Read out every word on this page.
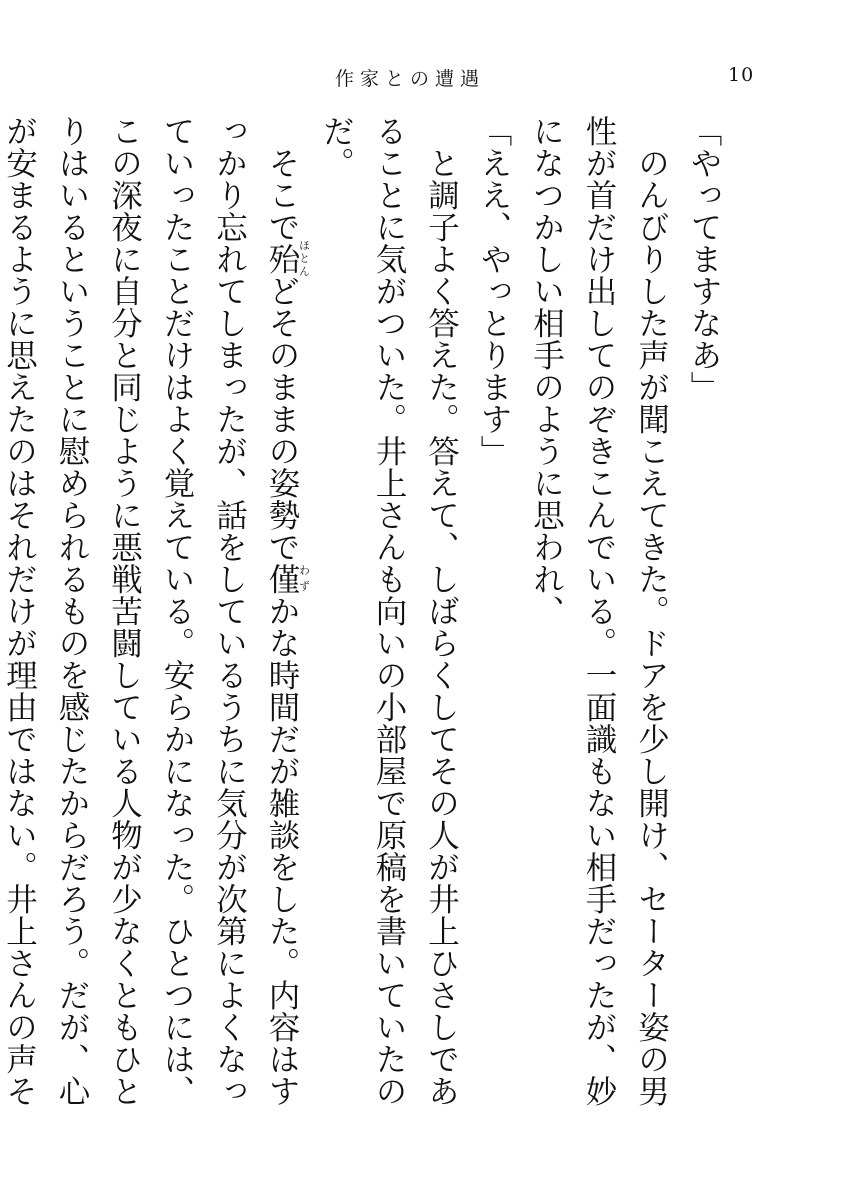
作家との遭遇	10

「やってますなあ」

のんびりした声が聞こえてきた。ドアを少し開け、セーター姿の男性が首だけ出してのぞきこんでいる。一面識もない相手だったが、妙になつかしい相手のように思われ、

「ええ、やっとります」

と調子よく答えた。答えて、しばらくしてその人が井上ひさしであることに気がついた。井上さんも向いの小部屋で原稿を書いていたのだ。

そこで殆ほとんどそのままの姿勢で僅わずかな時間だが雑談をした。内容はすっかり忘れてしまったが、話をしているうちに気分が次第によくなっていったことだけはよく覚えている。安らかになった。ひとつには、この深夜に自分と同じように悪戦苦闘している人物が少なくともひとりはいるということに慰められるものを感じたからだろう。だが、心が安まるように思えたのはそれだけが理由ではない。井上さんの声そ
